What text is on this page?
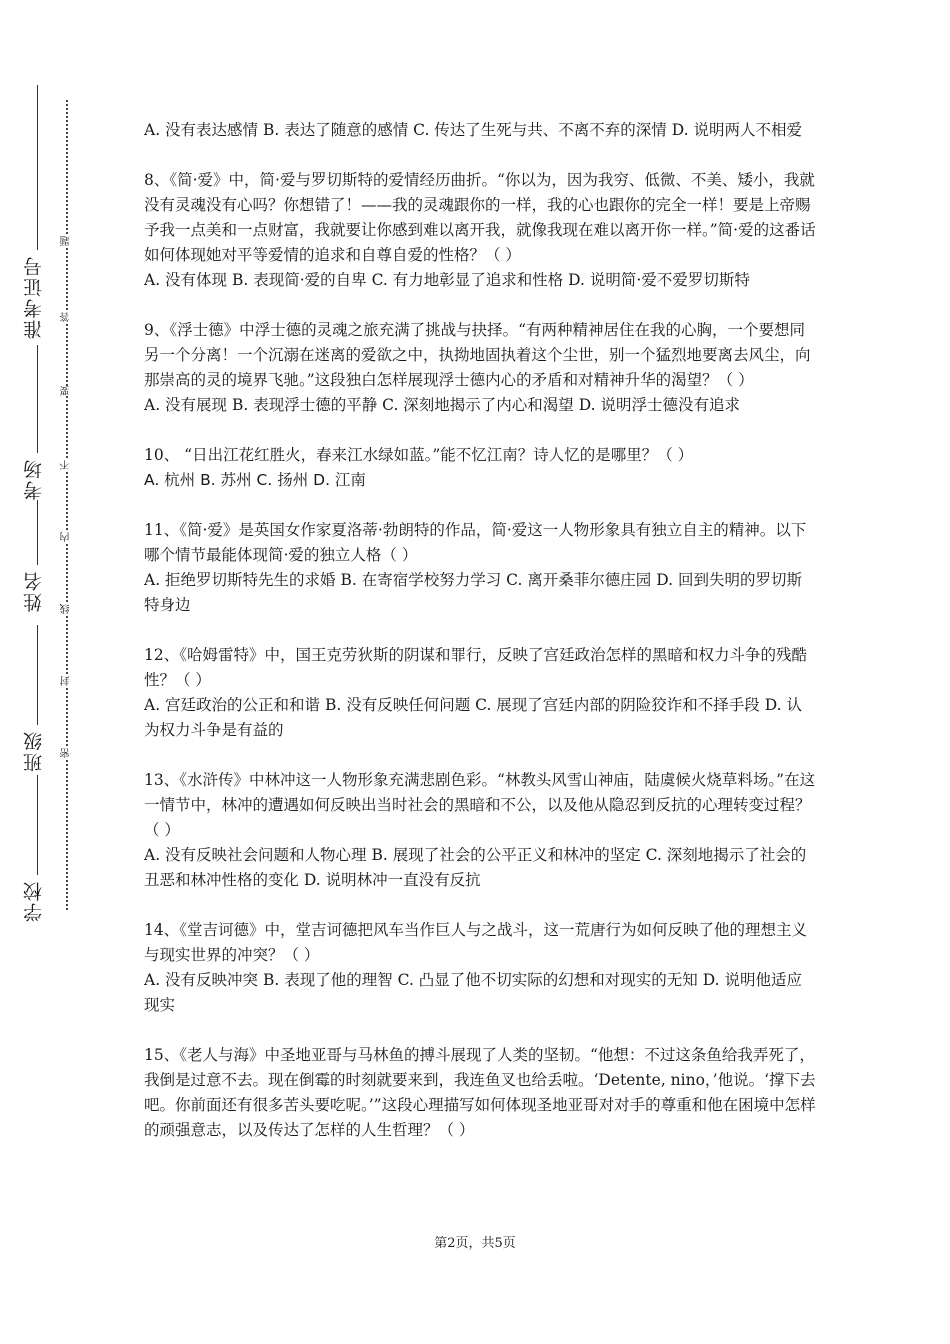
准考证号
考场
姓名
班级
学校
题
答
要
不
内
线
封
密

A. 没有表达感情 B. 表达了随意的感情 C. 传达了生死与共、不离不弃的深情 D. 说明两人不相爱

8、《简·爱》中，简·爱与罗切斯特的爱情经历曲折。“你以为，因为我穷、低微、不美、矮小，我就没有灵魂没有心吗？你想错了！——我的灵魂跟你的一样，我的心也跟你的完全一样！要是上帝赐予我一点美和一点财富，我就要让你感到难以离开我，就像我现在难以离开你一样。”简·爱的这番话如何体现她对平等爱情的追求和自尊自爱的性格？（ ）

A. 没有体现 B. 表现简·爱的自卑 C. 有力地彰显了追求和性格 D. 说明简·爱不爱罗切斯特

9、《浮士德》中浮士德的灵魂之旅充满了挑战与抉择。“有两种精神居住在我的心胸，一个要想同另一个分离！一个沉溺在迷离的爱欲之中，执拗地固执着这个尘世，别一个猛烈地要离去风尘，向那崇高的灵的境界飞驰。”这段独白怎样展现浮士德内心的矛盾和对精神升华的渴望？（ ）

A. 没有展现 B. 表现浮士德的平静 C. 深刻地揭示了内心和渴望 D. 说明浮士德没有追求

10、 “日出江花红胜火，春来江水绿如蓝。”能不忆江南？诗人忆的是哪里？（ ）

A. 杭州 B. 苏州 C. 扬州 D. 江南

11、《简·爱》是英国女作家夏洛蒂·勃朗特的作品，简·爱这一人物形象具有独立自主的精神。以下哪个情节最能体现简·爱的独立人格（ ）

A. 拒绝罗切斯特先生的求婚 B. 在寄宿学校努力学习 C. 离开桑菲尔德庄园 D. 回到失明的罗切斯特身边

12、《哈姆雷特》中，国王克劳狄斯的阴谋和罪行，反映了宫廷政治怎样的黑暗和权力斗争的残酷性？（ ）

A. 宫廷政治的公正和和谐 B. 没有反映任何问题 C. 展现了宫廷内部的阴险狡诈和不择手段 D. 认为权力斗争是有益的

13、《水浒传》中林冲这一人物形象充满悲剧色彩。“林教头风雪山神庙，陆虞候火烧草料场。”在这一情节中，林冲的遭遇如何反映出当时社会的黑暗和不公，以及他从隐忍到反抗的心理转变过程？（ ）

A. 没有反映社会问题和人物心理 B. 展现了社会的公平正义和林冲的坚定 C. 深刻地揭示了社会的丑恶和林冲性格的变化 D. 说明林冲一直没有反抗

14、《堂吉诃德》中，堂吉诃德把风车当作巨人与之战斗，这一荒唐行为如何反映了他的理想主义与现实世界的冲突？（ ）

A. 没有反映冲突 B. 表现了他的理智 C. 凸显了他不切实际的幻想和对现实的无知 D. 说明他适应现实

15、《老人与海》中圣地亚哥与马林鱼的搏斗展现了人类的坚韧。“他想：不过这条鱼给我弄死了，我倒是过意不去。现在倒霉的时刻就要来到，我连鱼叉也给丢啦。‘Detente, nino，’他说。‘撑下去吧。你前面还有很多苦头要吃呢。’”这段心理描写如何体现圣地亚哥对对手的尊重和他在困境中怎样的顽强意志，以及传达了怎样的人生哲理？（ ）

第2页，共5页
